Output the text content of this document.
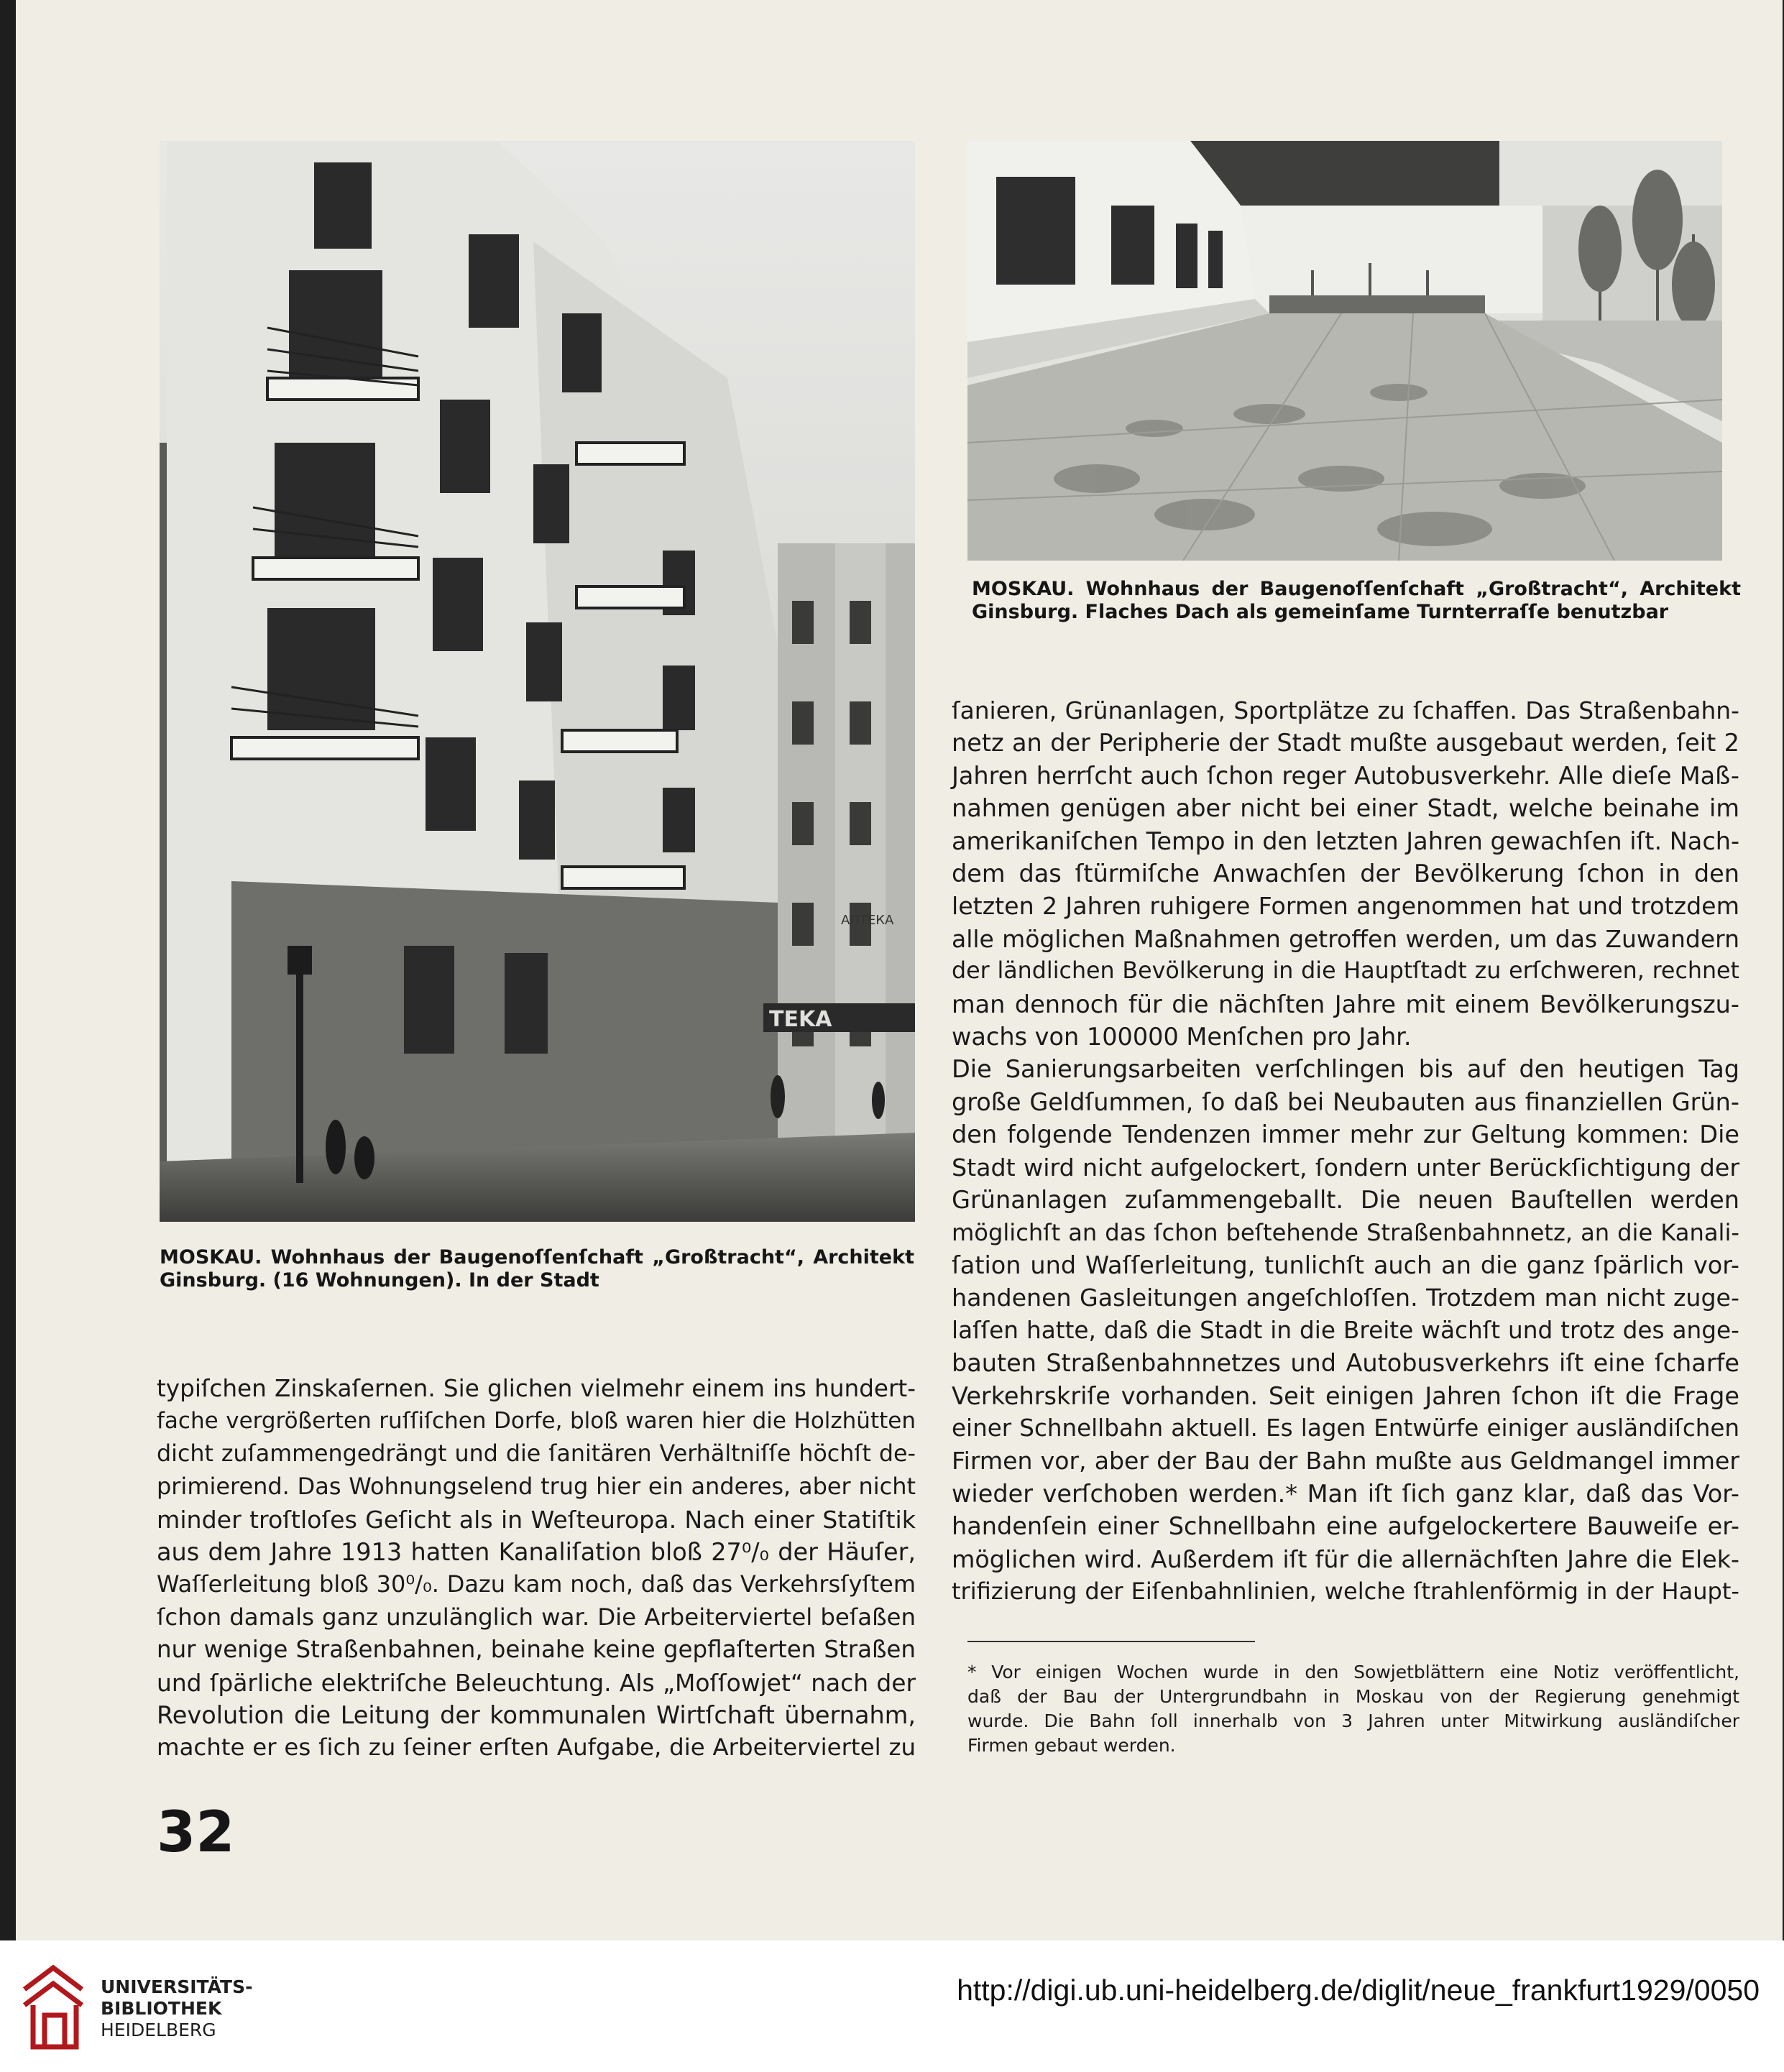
TEKA
АПТЕКА
MOSKAU. Wohnhaus der Baugenoſſenſchaft „Großtracht“, Architekt Ginsburg. (16 Wohnungen). In der Stadt
MOSKAU. Wohnhaus der Baugenoſſenſchaft „Großtracht“, Architekt Ginsburg. Flaches Dach als gemeinſame Turnterraſſe benutzbar
typiſchen Zinskaſernen. Sie glichen vielmehr einem ins hundert-
fache vergrößerten ruſſiſchen Dorfe, bloß waren hier die Holzhütten
dicht zuſammengedrängt und die ſanitären Verhältniſſe höchſt de-
primierend. Das Wohnungselend trug hier ein anderes, aber nicht
minder troſtloſes Geſicht als in Weſteuropa. Nach einer Statiſtik
aus dem Jahre 1913 hatten Kanaliſation bloß 27⁰/₀ der Häuſer,
Waſſerleitung bloß 30⁰/₀. Dazu kam noch, daß das Verkehrsſyſtem
ſchon damals ganz unzulänglich war. Die Arbeiterviertel beſaßen
nur wenige Straßenbahnen, beinahe keine gepflaſterten Straßen
und ſpärliche elektriſche Beleuchtung. Als „Moſſowjet“ nach der
Revolution die Leitung der kommunalen Wirtſchaft übernahm,
machte er es ſich zu ſeiner erſten Aufgabe, die Arbeiterviertel zu
ſanieren, Grünanlagen, Sportplätze zu ſchaffen. Das Straßenbahn-
netz an der Peripherie der Stadt mußte ausgebaut werden, ſeit 2
Jahren herrſcht auch ſchon reger Autobusverkehr. Alle dieſe Maß-
nahmen genügen aber nicht bei einer Stadt, welche beinahe im
amerikaniſchen Tempo in den letzten Jahren gewachſen iſt. Nach-
dem das ſtürmiſche Anwachſen der Bevölkerung ſchon in den
letzten 2 Jahren ruhigere Formen angenommen hat und trotzdem
alle möglichen Maßnahmen getroffen werden, um das Zuwandern
der ländlichen Bevölkerung in die Hauptſtadt zu erſchweren, rechnet
man dennoch für die nächſten Jahre mit einem Bevölkerungszu-
wachs von 100000 Menſchen pro Jahr.
Die Sanierungsarbeiten verſchlingen bis auf den heutigen Tag
große Geldſummen, ſo daß bei Neubauten aus finanziellen Grün-
den folgende Tendenzen immer mehr zur Geltung kommen: Die
Stadt wird nicht aufgelockert, ſondern unter Berückſichtigung der
Grünanlagen zuſammengeballt. Die neuen Bauſtellen werden
möglichſt an das ſchon beſtehende Straßenbahnnetz, an die Kanali-
ſation und Waſſerleitung, tunlichſt auch an die ganz ſpärlich vor-
handenen Gasleitungen angeſchloſſen. Trotzdem man nicht zuge-
laſſen hatte, daß die Stadt in die Breite wächſt und trotz des ange-
bauten Straßenbahnnetzes und Autobusverkehrs iſt eine ſcharfe
Verkehrskriſe vorhanden. Seit einigen Jahren ſchon iſt die Frage
einer Schnellbahn aktuell. Es lagen Entwürfe einiger ausländiſchen
Firmen vor, aber der Bau der Bahn mußte aus Geldmangel immer
wieder verſchoben werden.* Man iſt ſich ganz klar, daß das Vor-
handenſein einer Schnellbahn eine aufgelockertere Bauweiſe er-
möglichen wird. Außerdem iſt für die allernächſten Jahre die Elek-
trifizierung der Eiſenbahnlinien, welche ſtrahlenförmig in der Haupt-
* Vor einigen Wochen wurde in den Sowjetblättern eine Notiz veröffentlicht,
daß der Bau der Untergrundbahn in Moskau von der Regierung genehmigt
wurde. Die Bahn ſoll innerhalb von 3 Jahren unter Mitwirkung ausländiſcher
Firmen gebaut werden.
32
UNIVERSITÄTS-
BIBLIOTHEK
HEIDELBERG
http://digi.ub.uni-heidelberg.de/diglit/neue_frankfurt1929/0050
